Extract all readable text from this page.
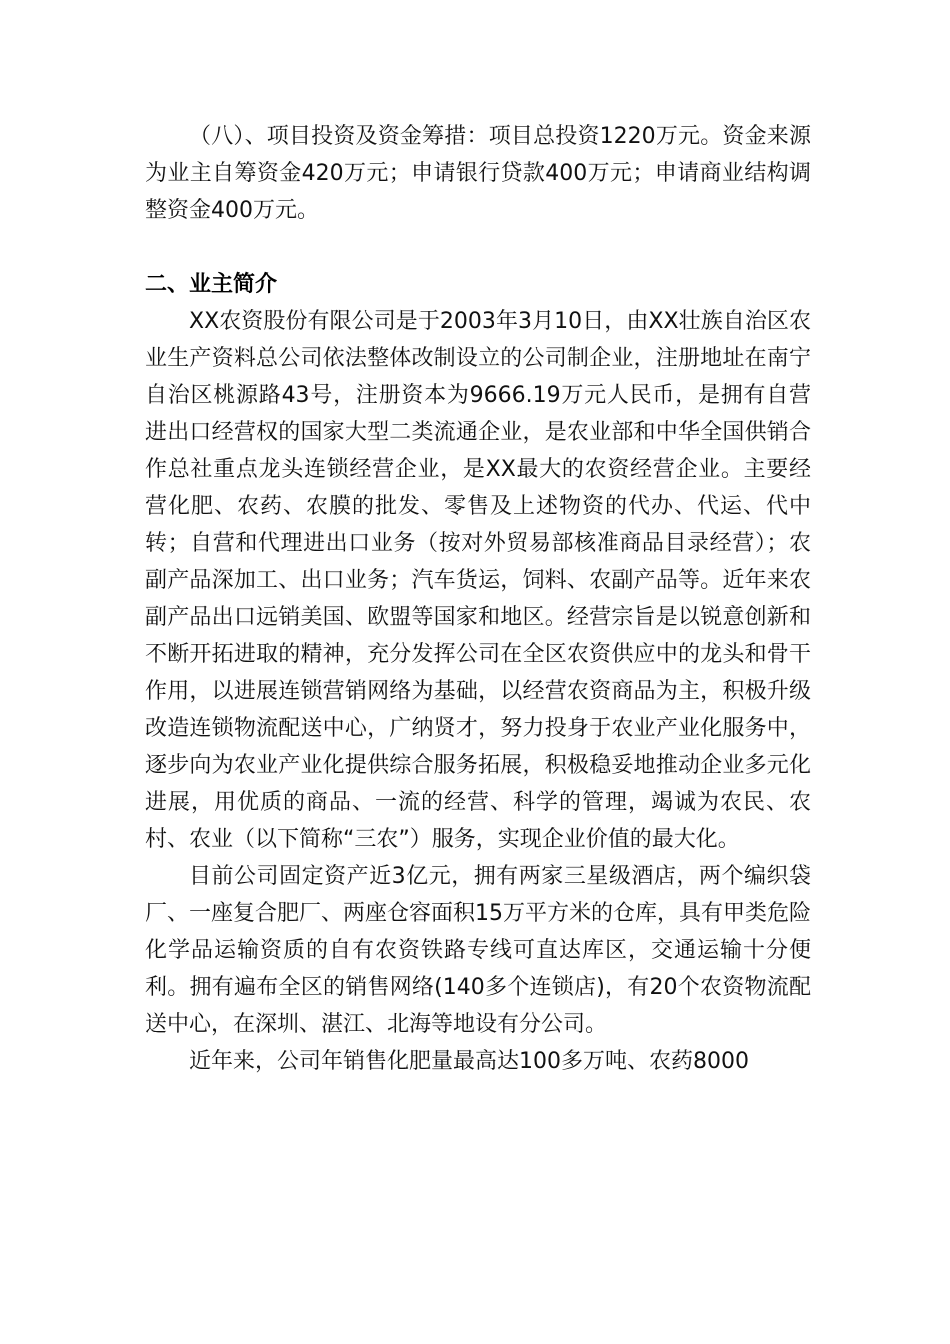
（八）、项目投资及资金筹措：项目总投资1220万元。资金来源为业主自筹资金420万元；申请银行贷款400万元；申请商业结构调整资金400万元。

二、业主简介

XX农资股份有限公司是于2003年3月10日，由XX壮族自治区农业生产资料总公司依法整体改制设立的公司制企业，注册地址在南宁自治区桃源路43号，注册资本为9666.19万元人民币，是拥有自营进出口经营权的国家大型二类流通企业，是农业部和中华全国供销合作总社重点龙头连锁经营企业，是XX最大的农资经营企业。主要经营化肥、农药、农膜的批发、零售及上述物资的代办、代运、代中转；自营和代理进出口业务（按对外贸易部核准商品目录经营）；农副产品深加工、出口业务；汽车货运，饲料、农副产品等。近年来农副产品出口远销美国、欧盟等国家和地区。经营宗旨是以锐意创新和不断开拓进取的精神，充分发挥公司在全区农资供应中的龙头和骨干作用，以进展连锁营销网络为基础，以经营农资商品为主，积极升级改造连锁物流配送中心，广纳贤才，努力投身于农业产业化服务中，逐步向为农业产业化提供综合服务拓展，积极稳妥地推动企业多元化进展，用优质的商品、一流的经营、科学的管理，竭诚为农民、农村、农业（以下简称“三农”）服务，实现企业价值的最大化。

目前公司固定资产近3亿元，拥有两家三星级酒店，两个编织袋厂、一座复合肥厂、两座仓容面积15万平方米的仓库，具有甲类危险化学品运输资质的自有农资铁路专线可直达库区，交通运输十分便利。拥有遍布全区的销售网络(140多个连锁店)，有20个农资物流配送中心，在深圳、湛江、北海等地设有分公司。

近年来，公司年销售化肥量最高达100多万吨、农药8000
